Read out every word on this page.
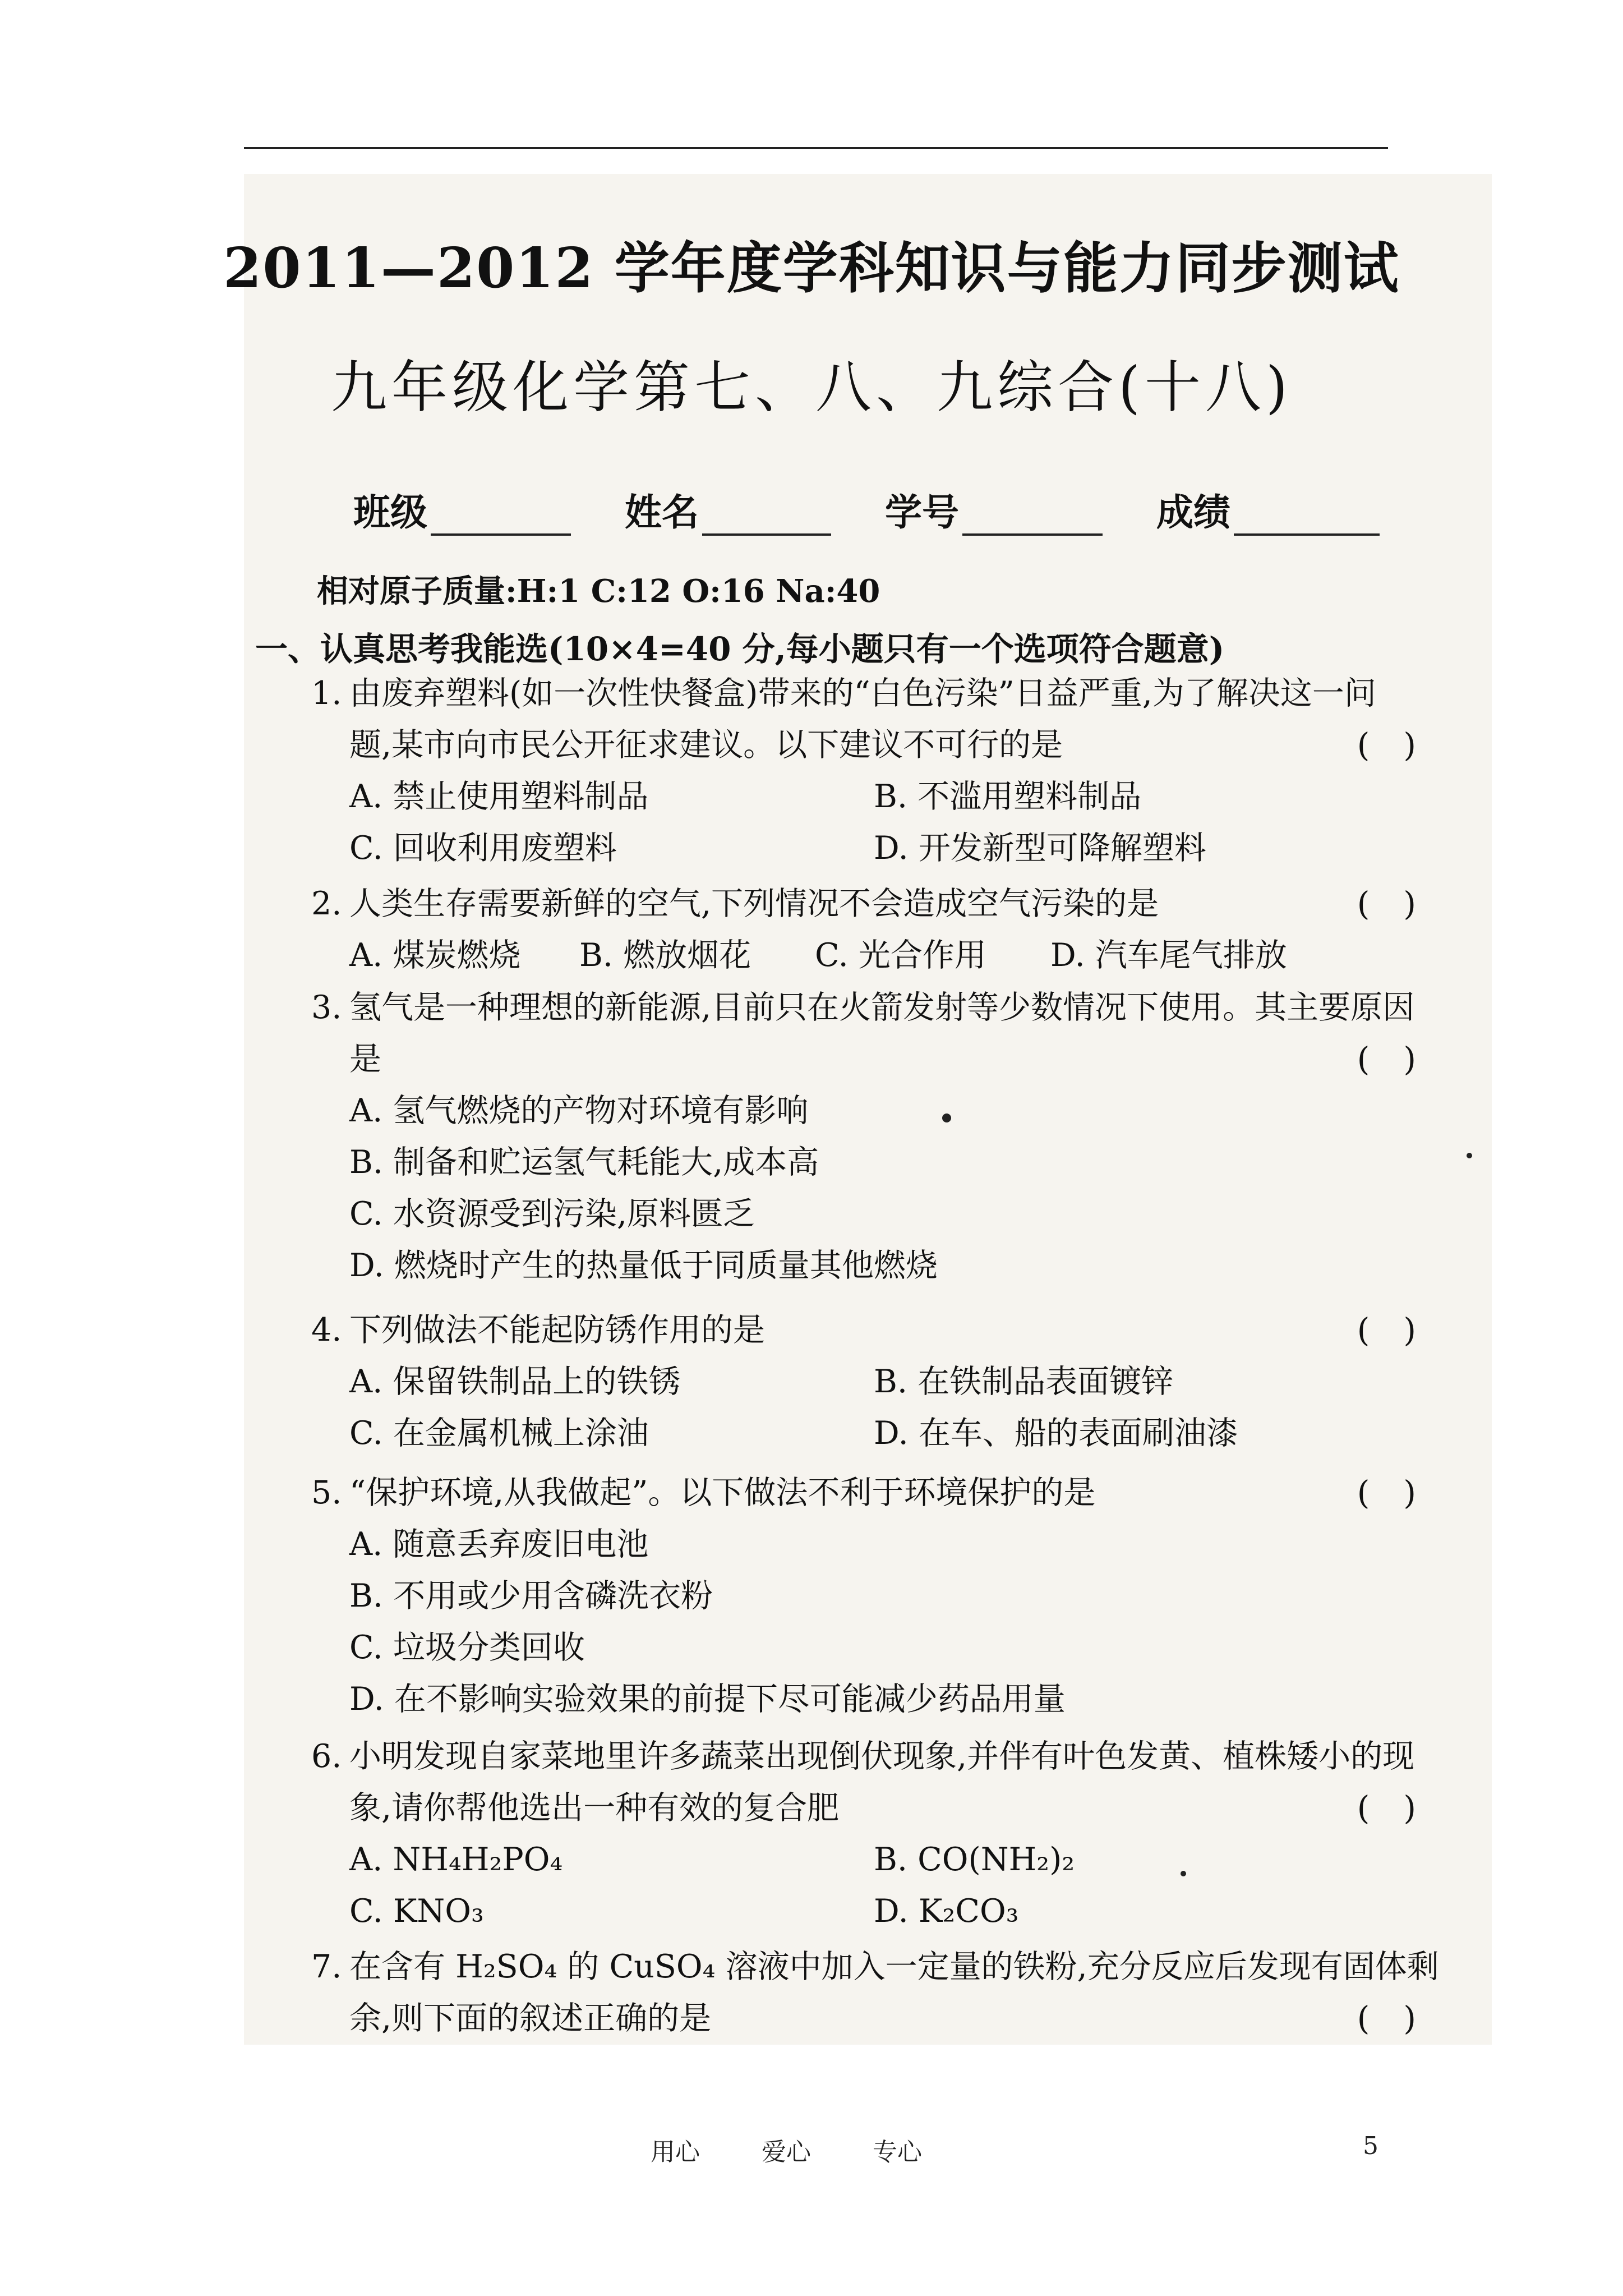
2011—2012 学年度学科知识与能力同步测试
九年级化学第七、八、九综合(十八)
班级	姓名	学号	成绩
相对原子质量:H:1 C:12 O:16 Na:40
一、认真思考我能选(10×4=40 分,每小题只有一个选项符合题意)
1. 由废弃塑料(如一次性快餐盒)带来的“白色污染”日益严重,为了解决这一问
题,某市向市民公开征求建议。以下建议不可行的是	()
A. 禁止使用塑料制品	B. 不滥用塑料制品
C. 回收利用废塑料	D. 开发新型可降解塑料
2. 人类生存需要新鲜的空气,下列情况不会造成空气污染的是	()
A. 煤炭燃烧	B. 燃放烟花	C. 光合作用	D. 汽车尾气排放
3. 氢气是一种理想的新能源,目前只在火箭发射等少数情况下使用。其主要原因
是	()
A. 氢气燃烧的产物对环境有影响
B. 制备和贮运氢气耗能大,成本高
C. 水资源受到污染,原料匮乏
D. 燃烧时产生的热量低于同质量其他燃烧
4. 下列做法不能起防锈作用的是	()
A. 保留铁制品上的铁锈	B. 在铁制品表面镀锌
C. 在金属机械上涂油	D. 在车、船的表面刷油漆
5. “保护环境,从我做起”。以下做法不利于环境保护的是	()
A. 随意丢弃废旧电池
B. 不用或少用含磷洗衣粉
C. 垃圾分类回收
D. 在不影响实验效果的前提下尽可能减少药品用量
6. 小明发现自家菜地里许多蔬菜出现倒伏现象,并伴有叶色发黄、植株矮小的现
象,请你帮他选出一种有效的复合肥	()
A. NH₄H₂PO₄	B. CO(NH₂)₂
C. KNO₃	D. K₂CO₃
7. 在含有 H₂SO₄ 的 CuSO₄ 溶液中加入一定量的铁粉,充分反应后发现有固体剩
余,则下面的叙述正确的是	()
用心	爱心	专心	5
